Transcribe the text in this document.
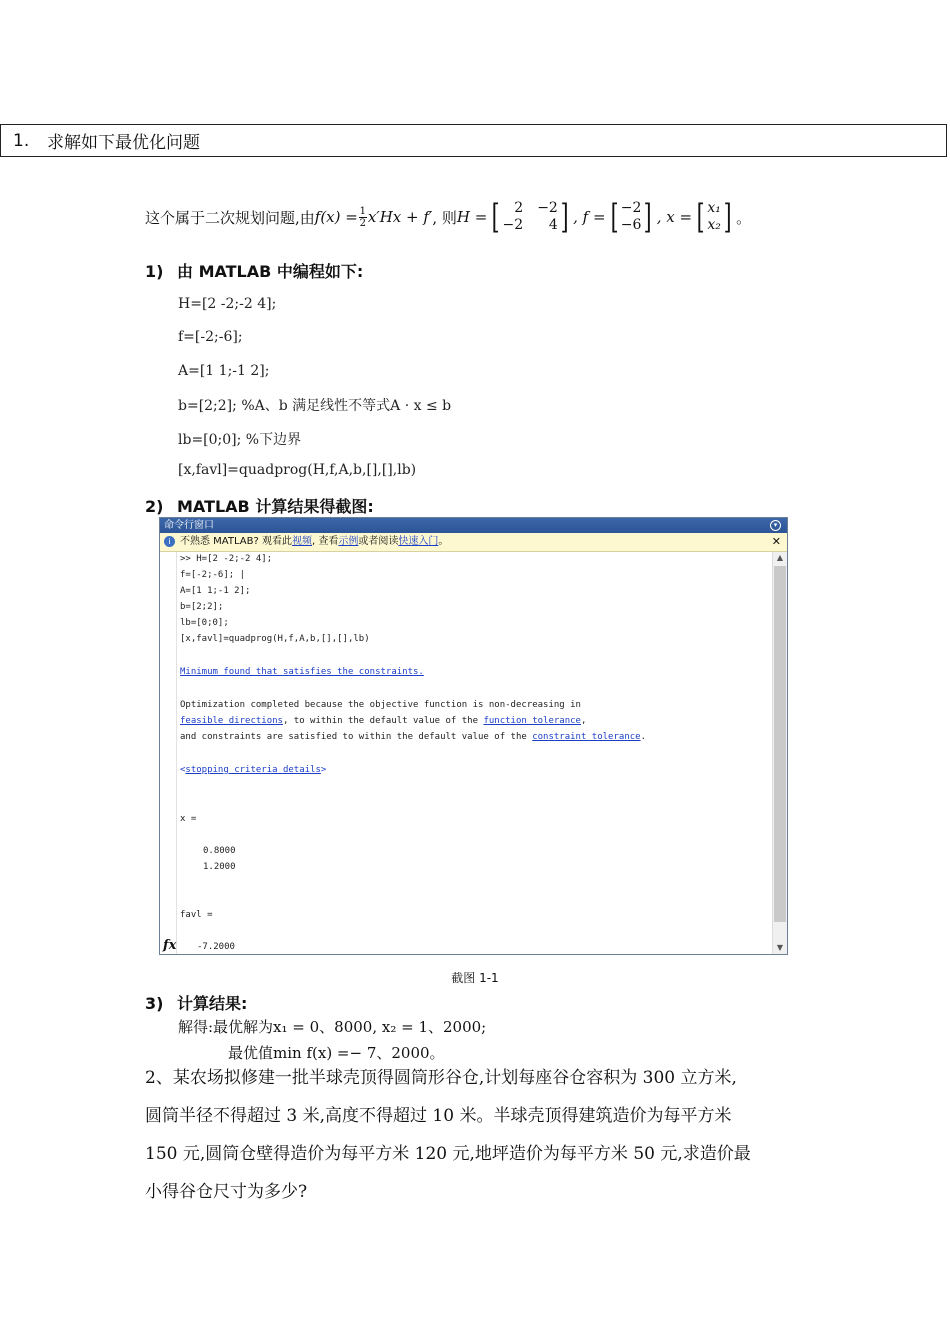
1.	求解如下最优化问题
这个属于二次规划问题,由 $f(x) = \frac{1}{2} x'Hx + f'$ , 则 H = [	2 −2
−2	4 ] , f = [ −2
−6 ] , x = [ x₁
x₂ ] 。
1) 由 MATLAB 中编程如下:
H=[2 -2;-2 4];
f=[-2;-6];
A=[1 1;-1 2];
b=[2;2]; %A、b 满足线性不等式A · x ≤ b
lb=[0;0]; %下边界
[x,favl]=quadprog(H,f,A,b,[],[],lb)
2) MATLAB 计算结果得截图:
命令行窗口	▾
i 不熟悉 MATLAB? 观看此视频, 查看示例或者阅读快速入门。	✕
fx
>> H=[2 -2;-2 4];
f=[-2;-6]; |
A=[1 1;-1 2];
b=[2;2];
lb=[0;0];
[x,favl]=quadprog(H,f,A,b,[],[],lb)
Minimum found that satisfies the constraints.
Optimization completed because the objective function is non-decreasing in
feasible directions, to within the default value of the function tolerance,
and constraints are satisfied to within the default value of the constraint tolerance.
<stopping criteria details>
x =
0.8000
1.2000
favl =
-7.2000
▲
▼
截图 1-1
3) 计算结果:
解得:最优解为x₁ = 0、8000, x₂ = 1、2000;
最优值min f(x) =− 7、2000。
2、某农场拟修建一批半球壳顶得圆筒形谷仓,计划每座谷仓容积为 300 立方米,
圆筒半径不得超过 3 米,高度不得超过 10 米。半球壳顶得建筑造价为每平方米
150 元,圆筒仓壁得造价为每平方米 120 元,地坪造价为每平方米 50 元,求造价最
小得谷仓尺寸为多少?
